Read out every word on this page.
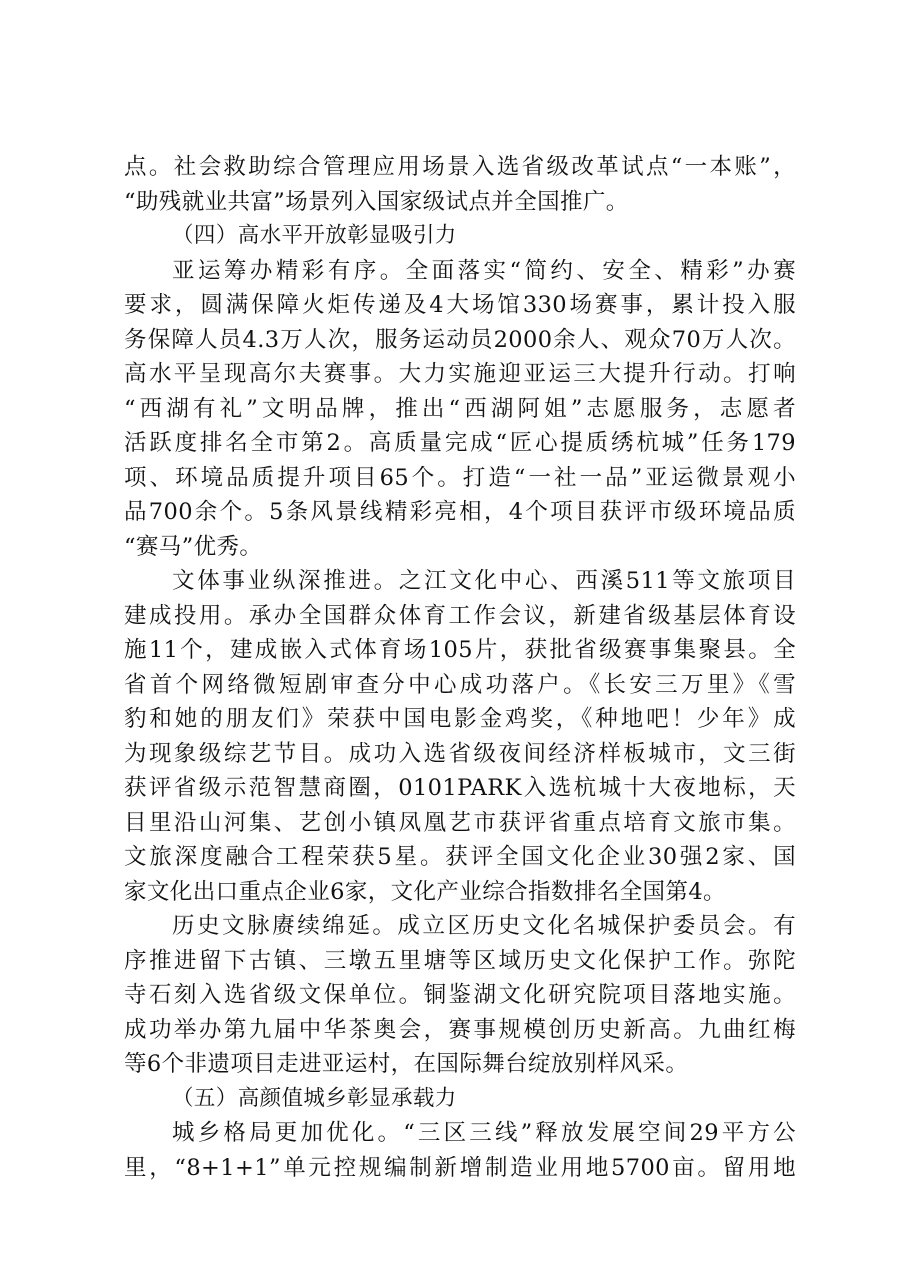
点。社会救助综合管理应用场景入选省级改革试点“一本账”，
“助残就业共富”场景列入国家级试点并全国推广。
（四）高水平开放彰显吸引力
亚运筹办精彩有序。全面落实“简约、安全、精彩”办赛
要求，圆满保障火炬传递及4大场馆330场赛事，累计投入服
务保障人员4.3万人次，服务运动员2000余人、观众70万人次。
高水平呈现高尔夫赛事。大力实施迎亚运三大提升行动。打响
“西湖有礼”文明品牌，推出“西湖阿姐”志愿服务，志愿者
活跃度排名全市第2。高质量完成“匠心提质绣杭城”任务179
项、环境品质提升项目65个。打造“一社一品”亚运微景观小
品700余个。5条风景线精彩亮相，4个项目获评市级环境品质
“赛马”优秀。
文体事业纵深推进。之江文化中心、西溪511等文旅项目
建成投用。承办全国群众体育工作会议，新建省级基层体育设
施11个，建成嵌入式体育场105片，获批省级赛事集聚县。全
省首个网络微短剧审查分中心成功落户。《长安三万里》《雪
豹和她的朋友们》荣获中国电影金鸡奖，《种地吧！少年》成
为现象级综艺节目。成功入选省级夜间经济样板城市，文三街
获评省级示范智慧商圈，0101PARK入选杭城十大夜地标，天
目里沿山河集、艺创小镇凤凰艺市获评省重点培育文旅市集。
文旅深度融合工程荣获5星。获评全国文化企业30强2家、国
家文化出口重点企业6家，文化产业综合指数排名全国第4。
历史文脉赓续绵延。成立区历史文化名城保护委员会。有
序推进留下古镇、三墩五里塘等区域历史文化保护工作。弥陀
寺石刻入选省级文保单位。铜鉴湖文化研究院项目落地实施。
成功举办第九届中华茶奥会，赛事规模创历史新高。九曲红梅
等6个非遗项目走进亚运村，在国际舞台绽放别样风采。
（五）高颜值城乡彰显承载力
城乡格局更加优化。“三区三线”释放发展空间29平方公
里，“8+1+1”单元控规编制新增制造业用地5700亩。留用地
